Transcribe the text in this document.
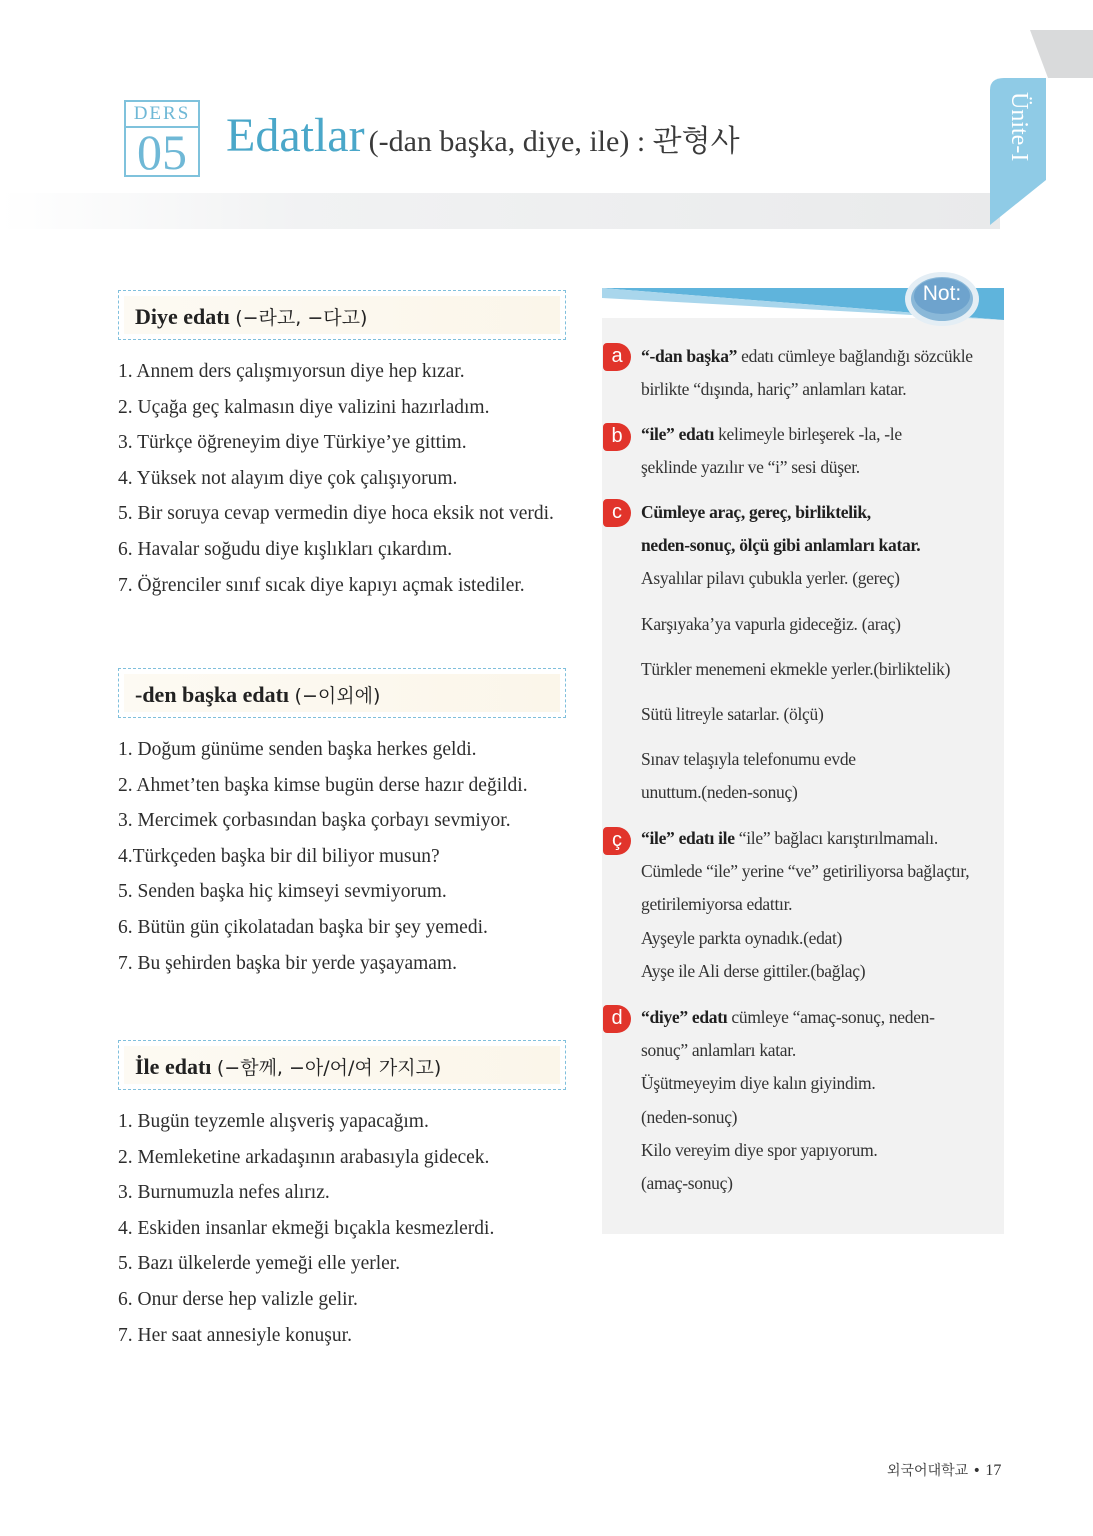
DERS
05 Edatlar (-dan başka, diye, ile) : 관형사	Ünite-I
Diye edatı (−라고, −다고)
1. Annem ders çalışmıyorsun diye hep kızar.
2. Uçağa geç kalmasın diye valizini hazırladım.
3. Türkçe öğreneyim diye Türkiye’ye gittim.
4. Yüksek not alayım diye çok çalışıyorum.
5. Bir soruya cevap vermedin diye hoca eksik not verdi.
6. Havalar soğudu diye kışlıkları çıkardım.
7. Öğrenciler sınıf sıcak diye kapıyı açmak istediler.
-den başka edatı (−이외에)
1. Doğum günüme senden başka herkes geldi.
2. Ahmet’ten başka kimse bugün derse hazır değildi.
3. Mercimek çorbasından başka çorbayı sevmiyor.
4.Türkçeden başka bir dil biliyor musun?
5. Senden başka hiç kimseyi sevmiyorum.
6. Bütün gün çikolatadan başka bir şey yemedi.
7. Bu şehirden başka bir yerde yaşayamam.
İle edatı (−함께, −아/어/여 가지고)
1. Bugün teyzemle alışveriş yapacağım.
2. Memleketine arkadaşının arabasıyla gidecek.
3. Burnumuzla nefes alırız.
4. Eskiden insanlar ekmeği bıçakla kesmezlerdi.
5. Bazı ülkelerde yemeği elle yerler.
6. Onur derse hep valizle gelir.
7. Her saat annesiyle konuşur.
Not:
a	“-dan başka” edatı cümleye bağlandığı sözcükle
birlikte “dışında, hariç” anlamları katar.
b	“ile” edatı kelimeyle birleşerek -la, -le
şeklinde yazılır ve “i” sesi düşer.
c	Cümleye araç, gereç, birliktelik,
neden-sonuç, ölçü gibi anlamları katar.
Asyalılar pilavı çubukla yerler. (gereç)
Karşıyaka’ya vapurla gideceğiz. (araç)
Türkler menemeni ekmekle yerler.(birliktelik)
Sütü litreyle satarlar. (ölçü)
Sınav telaşıyla telefonumu evde
unuttum.(neden-sonuç)
ç	“ile” edatı ile “ile” bağlacı karıştırılmamalı.
Cümlede “ile” yerine “ve” getiriliyorsa bağlaçtır,
getirilemiyorsa edattır.
Ayşeyle parkta oynadık.(edat)
Ayşe ile Ali derse gittiler.(bağlaç)
d	“diye” edatı cümleye “amaç-sonuç, neden-
sonuç” anlamları katar.
Üşütmeyeyim diye kalın giyindim.
(neden-sonuç)
Kilo vereyim diye spor yapıyorum.
(amaç-sonuç)
외국어대학교 • 17
